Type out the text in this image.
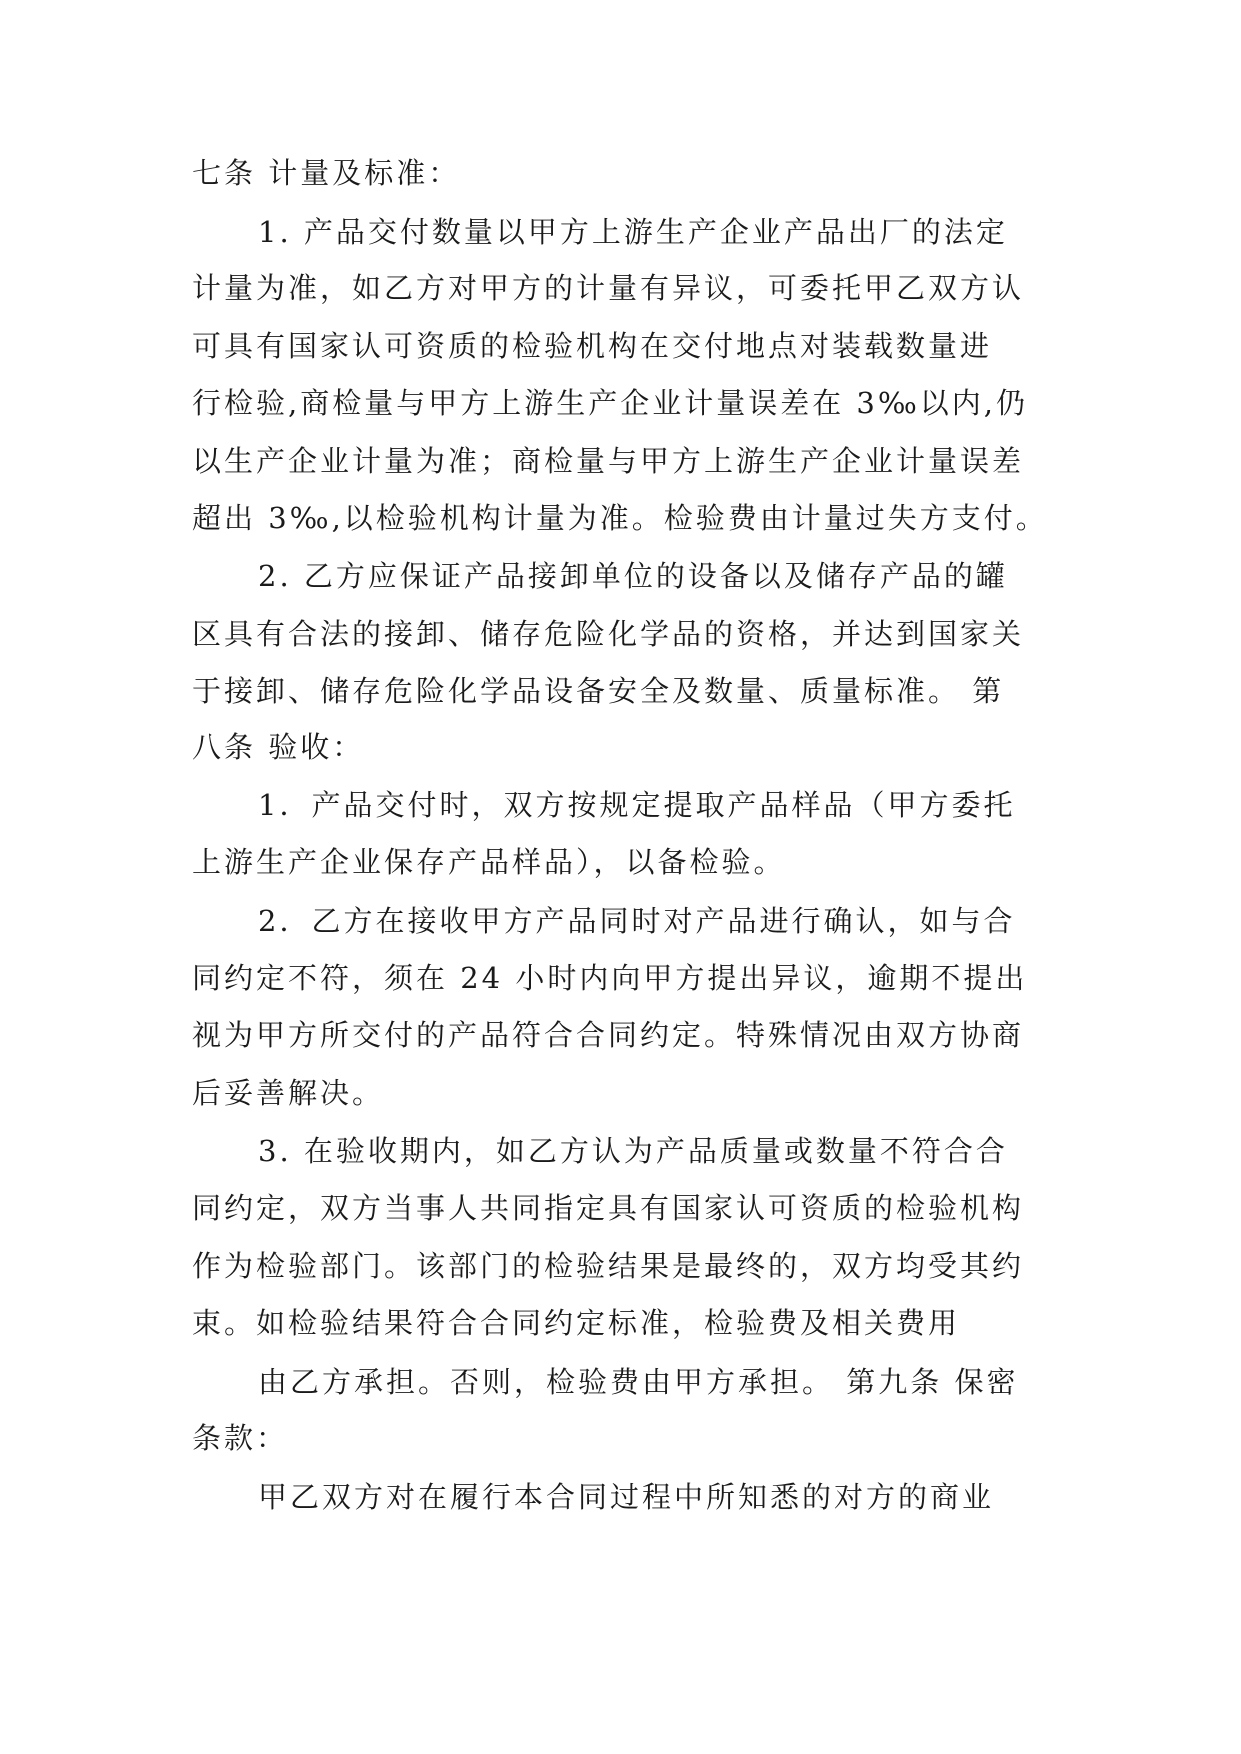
七条 计量及标准：

1. 产品交付数量以甲方上游生产企业产品出厂的法定

计量为准，如乙方对甲方的计量有异议，可委托甲乙双方认

可具有国家认可资质的检验机构在交付地点对装载数量进

行检验,商检量与甲方上游生产企业计量误差在 3‰以内,仍

以生产企业计量为准；商检量与甲方上游生产企业计量误差

超出 3‰,以检验机构计量为准。检验费由计量过失方支付。

2. 乙方应保证产品接卸单位的设备以及储存产品的罐

区具有合法的接卸、储存危险化学品的资格，并达到国家关

于接卸、储存危险化学品设备安全及数量、质量标准。 第

八条 验收：

1．产品交付时，双方按规定提取产品样品（甲方委托

上游生产企业保存产品样品），以备检验。

2．乙方在接收甲方产品同时对产品进行确认，如与合

同约定不符，须在 24 小时内向甲方提出异议，逾期不提出

视为甲方所交付的产品符合合同约定。特殊情况由双方协商

后妥善解决。

3. 在验收期内，如乙方认为产品质量或数量不符合合

同约定，双方当事人共同指定具有国家认可资质的检验机构

作为检验部门。该部门的检验结果是最终的，双方均受其约

束。如检验结果符合合同约定标准，检验费及相关费用

由乙方承担。否则，检验费由甲方承担。 第九条 保密

条款：

甲乙双方对在履行本合同过程中所知悉的对方的商业
